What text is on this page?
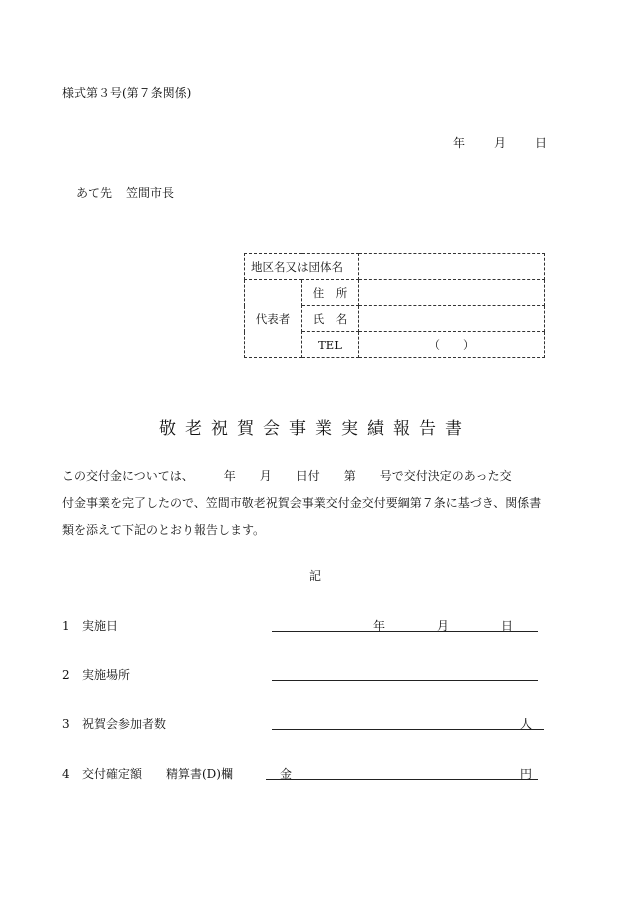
様式第３号(第７条関係)
年 月 日
あて先 笠間市長
地区名又は団体名		
代表者	住　所	
	氏　名	
	TEL	（　　）
敬老祝賀会事業実績報告書
この交付金については、　　　年　　月　　日付　　第　　号で交付決定のあった交
付金事業を完了したので、笠間市敬老祝賀会事業交付金交付要綱第７条に基づき、関係書
類を添えて下記のとおり報告します。
記
1 実施日	年	月	日
2 実施場所
3 祝賀会参加者数	人
4 交付確定額　　精算書(D)欄	金	円
